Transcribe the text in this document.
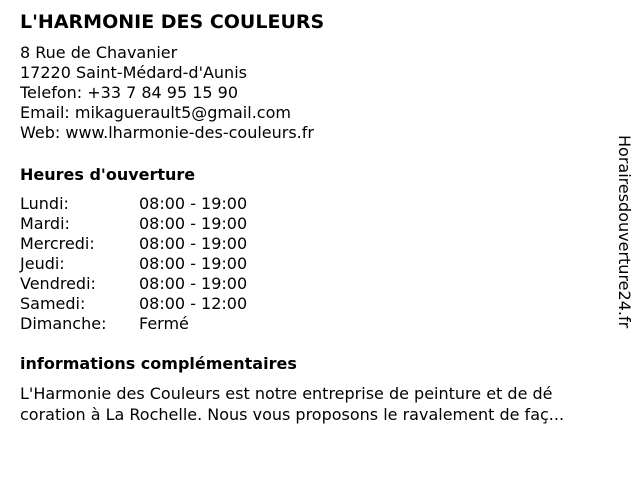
L'HARMONIE DES COULEURS
8 Rue de Chavanier
17220 Saint-Médard-d'Aunis
Telefon: +33 7 84 95 15 90
Email: mikaguerault5@gmail.com
Web: www.lharmonie-des-couleurs.fr
Heures d'ouverture
Lundi:	08:00 - 19:00
Mardi:	08:00 - 19:00
Mercredi:	08:00 - 19:00
Jeudi:	08:00 - 19:00
Vendredi:	08:00 - 19:00
Samedi:	08:00 - 12:00
Dimanche: Fermé
informations complémentaires
L'Harmonie des Couleurs est notre entreprise de peinture et de dé
coration à La Rochelle. Nous vous proposons le ravalement de faç...
Horairesdouverture24.fr
